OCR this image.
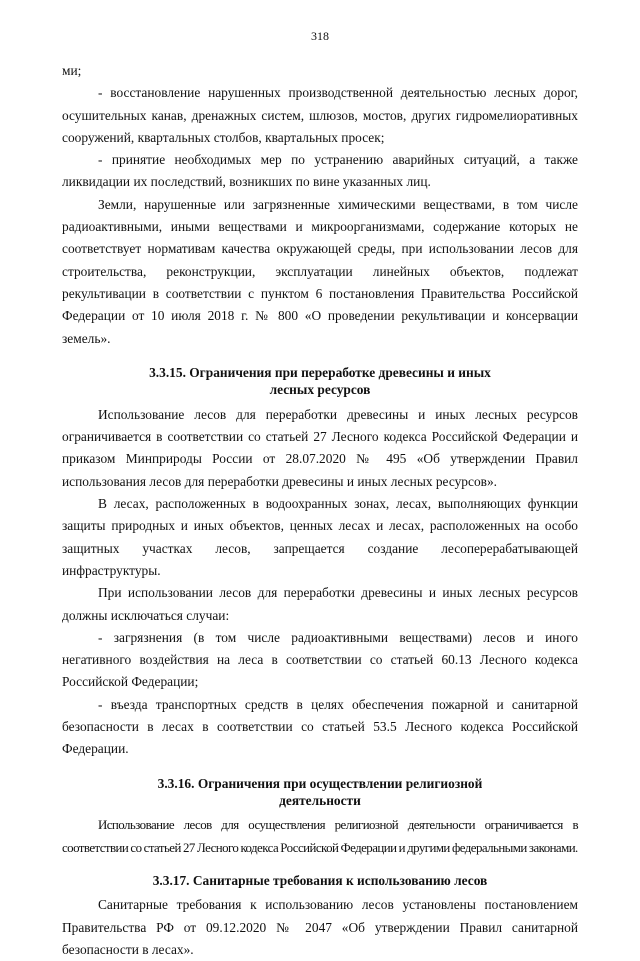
318

ми;

- восстановление нарушенных производственной деятельностью лесных дорог, осушительных канав, дренажных систем, шлюзов, мостов, других гидромелиоративных сооружений, квартальных столбов, квартальных просек;

- принятие необходимых мер по устранению аварийных ситуаций, а также ликвидации их последствий, возникших по вине указанных лиц.

Земли, нарушенные или загрязненные химическими веществами, в том числе радиоактивными, иными веществами и микроорганизмами, содержание которых не соответствует нормативам качества окружающей среды, при использовании лесов для строительства, реконструкции, эксплуатации линейных объектов, подлежат рекультивации в соответствии с пунктом 6 постановления Правительства Российской Федерации от 10 июля 2018 г. № 800 «О проведении рекультивации и консервации земель».

3.3.15. Ограничения при переработке древесины и иных лесных ресурсов

Использование лесов для переработки древесины и иных лесных ресурсов ограничивается в соответствии со статьей 27 Лесного кодекса Российской Федерации и приказом Минприроды России от 28.07.2020 № 495 «Об утверждении Правил использования лесов для переработки древесины и иных лесных ресурсов».

В лесах, расположенных в водоохранных зонах, лесах, выполняющих функции защиты природных и иных объектов, ценных лесах и лесах, расположенных на особо защитных участках лесов, запрещается создание лесоперерабатывающей инфраструктуры.

При использовании лесов для переработки древесины и иных лесных ресурсов должны исключаться случаи:

- загрязнения (в том числе радиоактивными веществами) лесов и иного негативного воздействия на леса в соответствии со статьей 60.13 Лесного кодекса Российской Федерации;

- въезда транспортных средств в целях обеспечения пожарной и санитарной безопасности в лесах в соответствии со статьей 53.5 Лесного кодекса Российской Федерации.

3.3.16. Ограничения при осуществлении религиозной деятельности

Использование лесов для осуществления религиозной деятельности ограничивается в соответствии со статьей 27 Лесного кодекса Российской Федерации и другими федеральными законами.

3.3.17. Санитарные требования к использованию лесов

Санитарные требования к использованию лесов установлены постановлением Правительства РФ от 09.12.2020 № 2047 «Об утверждении Правил санитарной безопасности в лесах».
